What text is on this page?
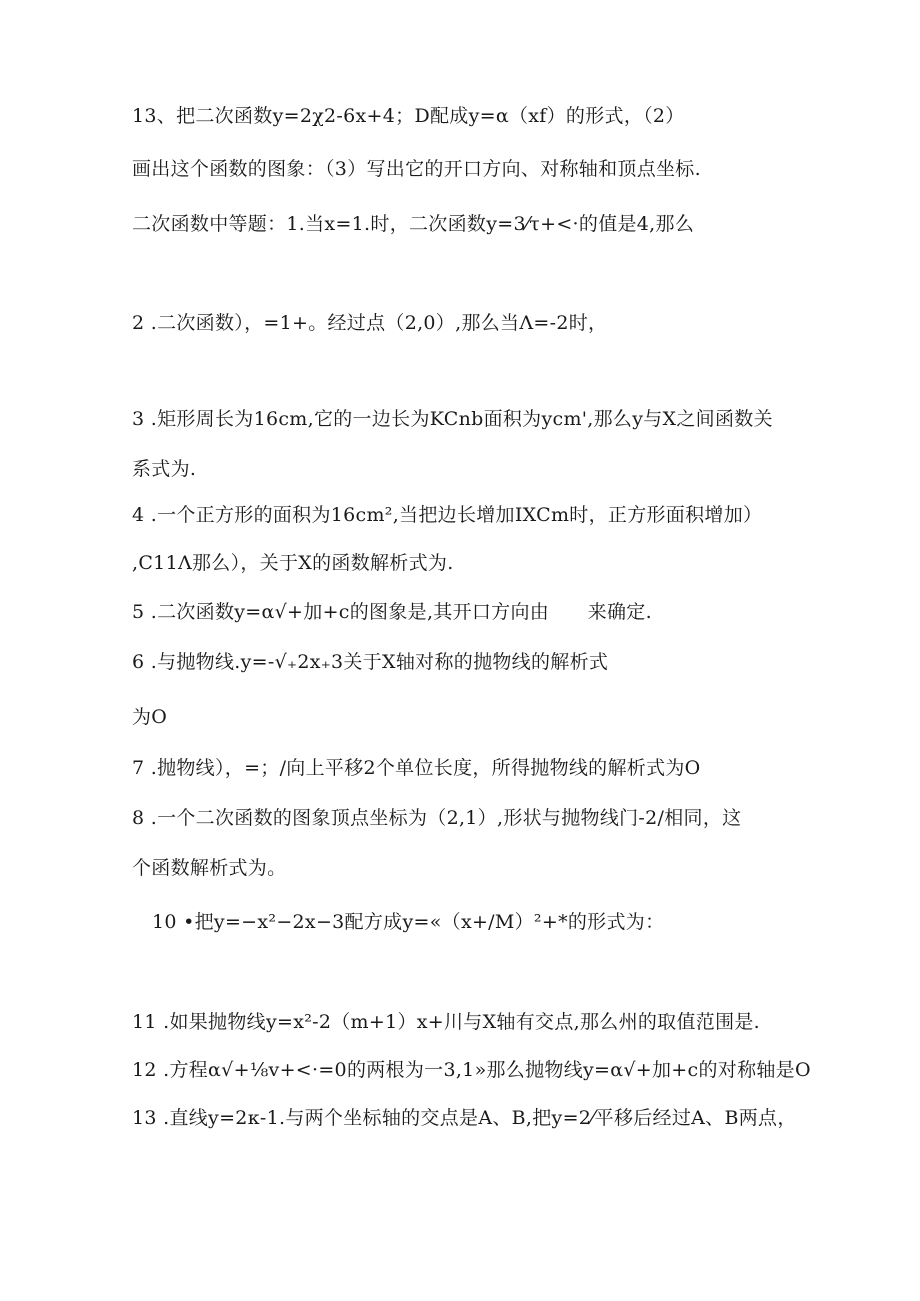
13、把二次函数y=2χ2-6x+4；D配成y=α（xf）的形式，（2）
画出这个函数的图象：（3）写出它的开口方向、对称轴和顶点坐标.
二次函数中等题：1.当x=1.时，二次函数y=3⁄τ+<·的值是4,那么
2 .二次函数），=1+。经过点（2,0）,那么当Λ=-2时，
3 .矩形周长为16cm,它的一边长为KCnb面积为ycm',那么y与X之间函数关
系式为.
4 .一个正方形的面积为16cm²,当把边长增加IXCm时，正方形面积增加）
,C11Λ那么），关于X的函数解析式为.
5 .二次函数y=α√+加+c的图象是,其开口方向由　　来确定.
6 .与抛物线.y=-√₊2x₊3关于X轴对称的抛物线的解析式
为O
7 .抛物线），=；/向上平移2个单位长度，所得抛物线的解析式为O
8 .一个二次函数的图象顶点坐标为（2,1）,形状与抛物线门-2/相同，这
个函数解析式为。
10 •把y=−x²−2x−3配方成y=«（x+/M）²+*的形式为：
11 .如果抛物线y=x²-2（m+1）x+川与X轴有交点,那么州的取值范围是.
12 .方程α√+⅛v+<·=0的两根为一3,1»那么抛物线y=α√+加+c的对称轴是O
13 .直线y=2κ-1.与两个坐标轴的交点是A、B,把y=2⁄平移后经过A、B两点，
